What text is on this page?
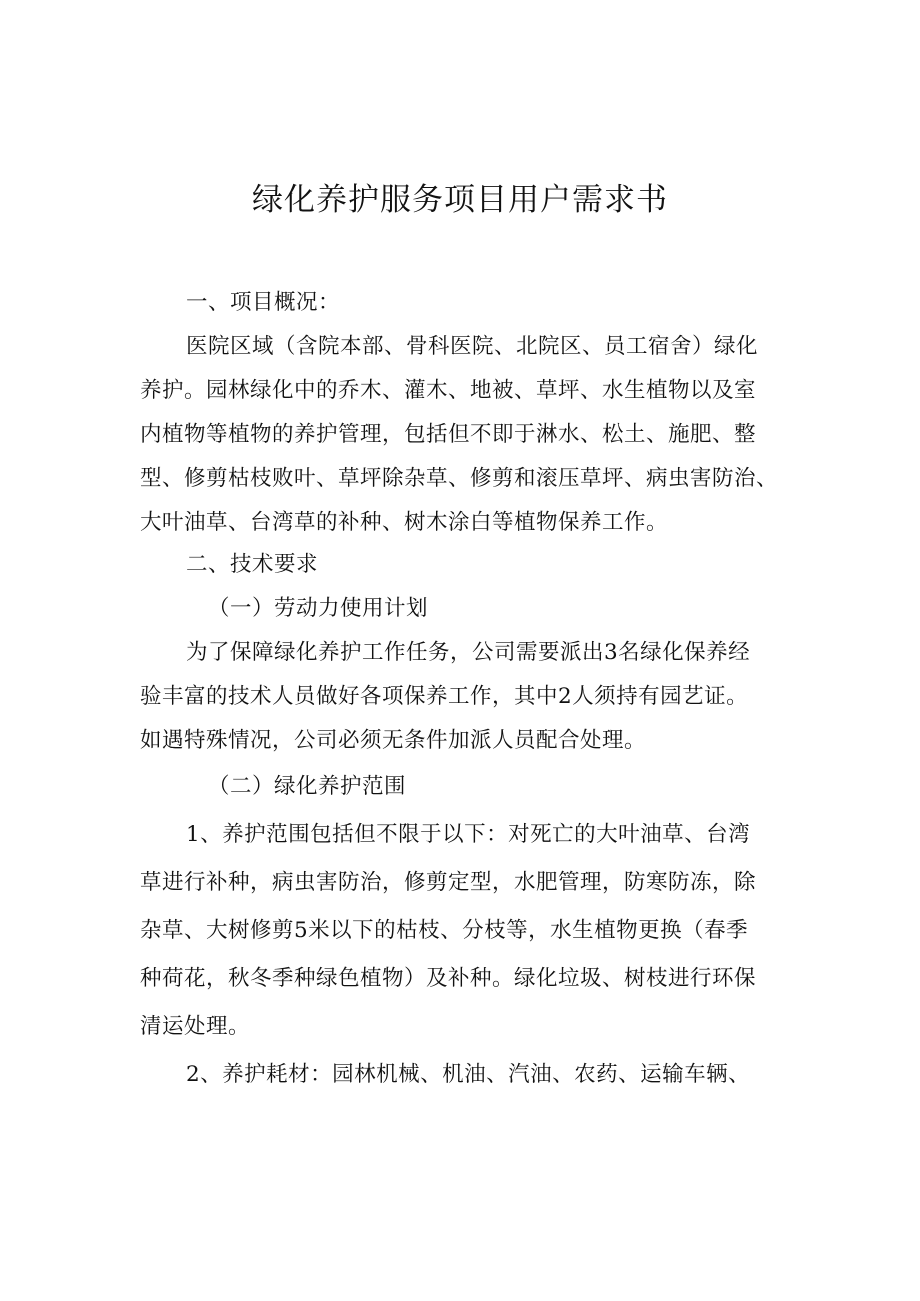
绿化养护服务项目用户需求书
一、项目概况：
医院区域（含院本部、骨科医院、北院区、员工宿舍）绿化
养护。园林绿化中的乔木、灌木、地被、草坪、水生植物以及室
内植物等植物的养护管理，包括但不即于淋水、松土、施肥、整
型、修剪枯枝败叶、草坪除杂草、修剪和滚压草坪、病虫害防治、
大叶油草、台湾草的补种、树木涂白等植物保养工作。
二、技术要求
（一）劳动力使用计划
为了保障绿化养护工作任务，公司需要派出3名绿化保养经
验丰富的技术人员做好各项保养工作，其中2人须持有园艺证。
如遇特殊情况，公司必须无条件加派人员配合处理。
（二）绿化养护范围
1、养护范围包括但不限于以下：对死亡的大叶油草、台湾
草进行补种，病虫害防治，修剪定型，水肥管理，防寒防冻，除
杂草、大树修剪5米以下的枯枝、分枝等，水生植物更换（春季
种荷花，秋冬季种绿色植物）及补种。绿化垃圾、树枝进行环保
清运处理。
2、养护耗材：园林机械、机油、汽油、农药、运输车辆、
